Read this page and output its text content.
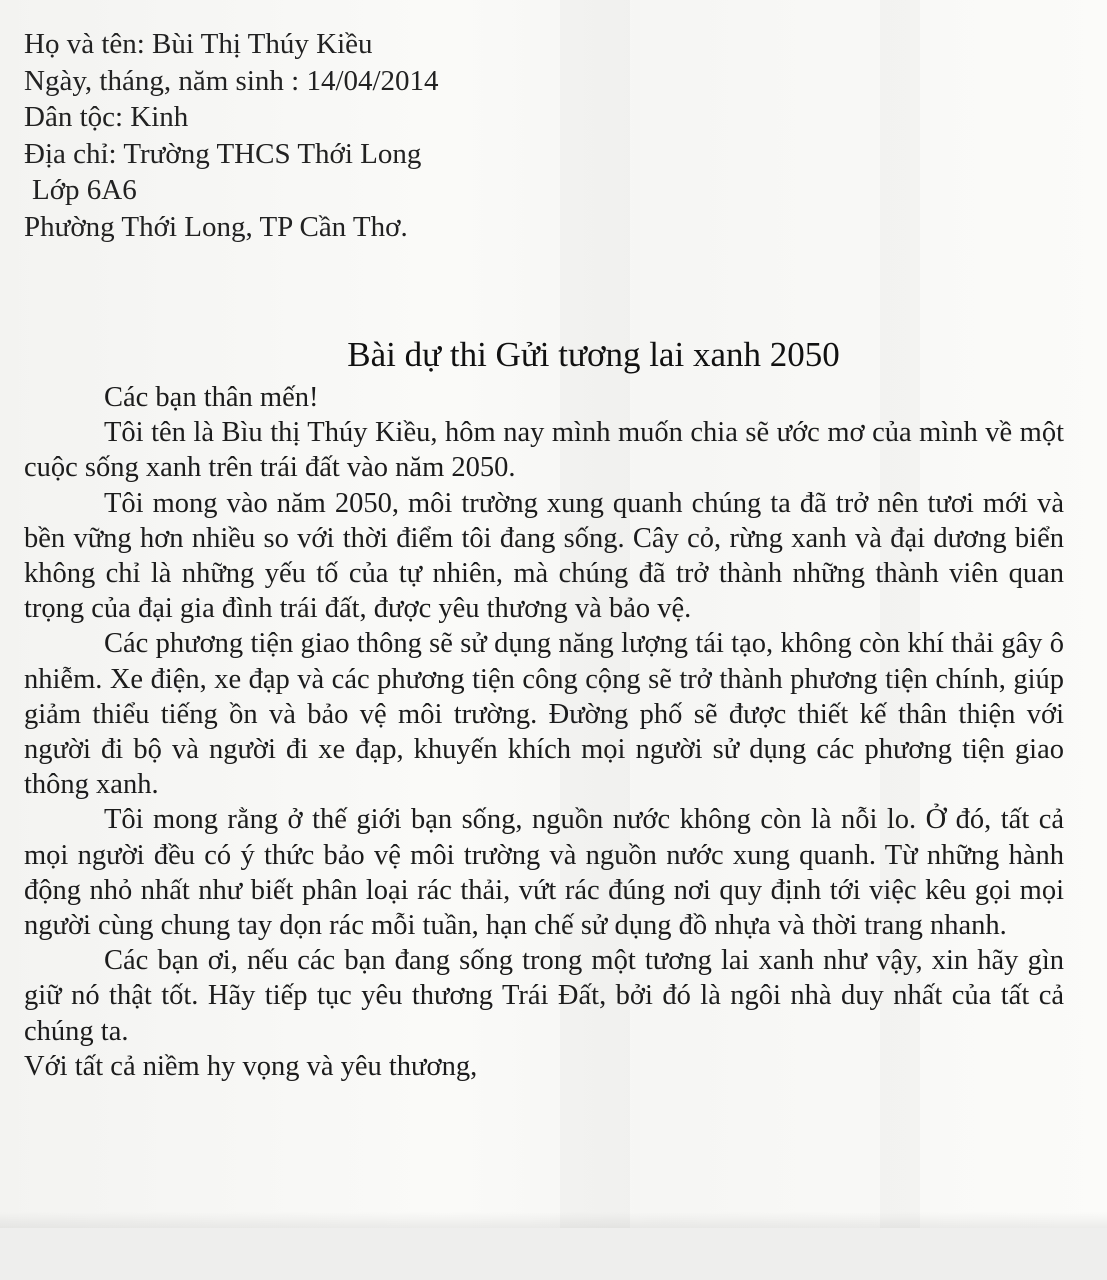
Họ và tên: Bùi Thị Thúy Kiều
Ngày, tháng, năm sinh : 14/04/2014
Dân tộc: Kinh
Địa chỉ: Trường THCS Thới Long
Lớp 6A6
Phường Thới Long, TP Cần Thơ.
Bài dự thi Gửi tương lai xanh 2050

Các bạn thân mến!

Tôi tên là Bìu thị Thúy Kiều, hôm nay mình muốn chia sẽ ước mơ của mình về một cuộc sống xanh trên trái đất vào năm 2050.

Tôi mong vào năm 2050, môi trường xung quanh chúng ta đã trở nên tươi mới và bền vững hơn nhiều so với thời điểm tôi đang sống. Cây cỏ, rừng xanh và đại dương biển không chỉ là những yếu tố của tự nhiên, mà chúng đã trở thành những thành viên quan trọng của đại gia đình trái đất, được yêu thương và bảo vệ.

Các phương tiện giao thông sẽ sử dụng năng lượng tái tạo, không còn khí thải gây ô nhiễm. Xe điện, xe đạp và các phương tiện công cộng sẽ trở thành phương tiện chính, giúp giảm thiểu tiếng ồn và bảo vệ môi trường. Đường phố sẽ được thiết kế thân thiện với người đi bộ và người đi xe đạp, khuyến khích mọi người sử dụng các phương tiện giao thông xanh.

Tôi mong rằng ở thế giới bạn sống, nguồn nước không còn là nỗi lo. Ở đó, tất cả mọi người đều có ý thức bảo vệ môi trường và nguồn nước xung quanh. Từ những hành động nhỏ nhất như biết phân loại rác thải, vứt rác đúng nơi quy định tới việc kêu gọi mọi người cùng chung tay dọn rác mỗi tuần, hạn chế sử dụng đồ nhựa và thời trang nhanh.

Các bạn ơi, nếu các bạn đang sống trong một tương lai xanh như vậy, xin hãy gìn giữ nó thật tốt. Hãy tiếp tục yêu thương Trái Đất, bởi đó là ngôi nhà duy nhất của tất cả chúng ta.

Với tất cả niềm hy vọng và yêu thương,
